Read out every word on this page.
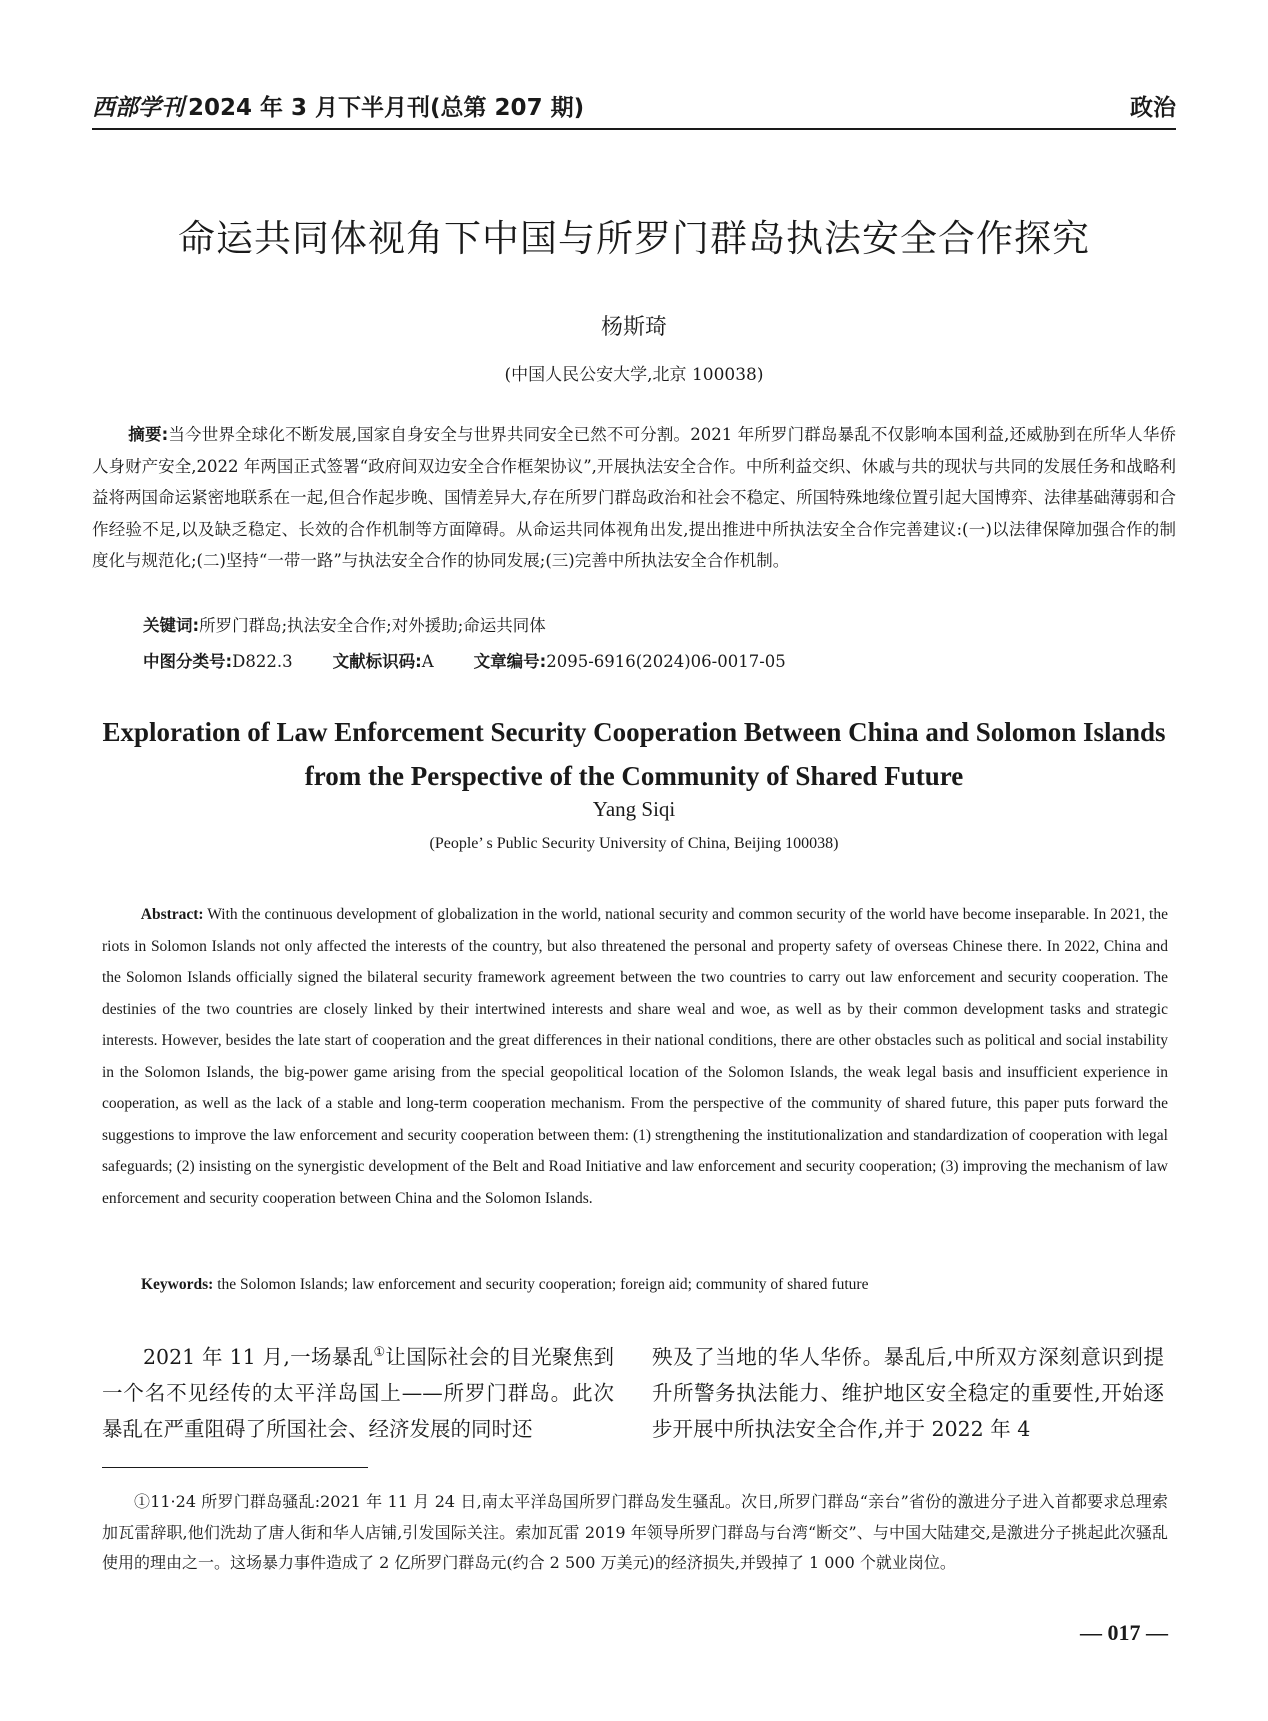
西部学刊 2024 年 3 月下半月刊(总第 207 期)	政治
命运共同体视角下中国与所罗门群岛执法安全合作探究
杨斯琦
(中国人民公安大学,北京 100038)
摘要:当今世界全球化不断发展,国家自身安全与世界共同安全已然不可分割。2021 年所罗门群岛暴乱不仅影响本国利益,还威胁到在所华人华侨人身财产安全,2022 年两国正式签署“政府间双边安全合作框架协议”,开展执法安全合作。中所利益交织、休戚与共的现状与共同的发展任务和战略利益将两国命运紧密地联系在一起,但合作起步晚、国情差异大,存在所罗门群岛政治和社会不稳定、所国特殊地缘位置引起大国博弈、法律基础薄弱和合作经验不足,以及缺乏稳定、长效的合作机制等方面障碍。从命运共同体视角出发,提出推进中所执法安全合作完善建议:(一)以法律保障加强合作的制度化与规范化;(二)坚持“一带一路”与执法安全合作的协同发展;(三)完善中所执法安全合作机制。
关键词:所罗门群岛;执法安全合作;对外援助;命运共同体
中图分类号:D822.3 文献标识码:A 文章编号:2095-6916(2024)06-0017-05
Exploration of Law Enforcement Security Cooperation Between China and Solomon Islands from the Perspective of the Community of Shared Future
Yang Siqi
(People’ s Public Security University of China, Beijing 100038)
Abstract: With the continuous development of globalization in the world, national security and common security of the world have become inseparable. In 2021, the riots in Solomon Islands not only affected the interests of the country, but also threatened the personal and property safety of overseas Chinese there. In 2022, China and the Solomon Islands officially signed the bilateral security framework agreement between the two countries to carry out law enforcement and security cooperation. The destinies of the two countries are closely linked by their intertwined interests and share weal and woe, as well as by their common development tasks and strategic interests. However, besides the late start of cooperation and the great differences in their national conditions, there are other obstacles such as political and social instability in the Solomon Islands, the big-power game arising from the special geopolitical location of the Solomon Islands, the weak legal basis and insufficient experience in cooperation, as well as the lack of a stable and long-term cooperation mechanism. From the perspective of the community of shared future, this paper puts forward the suggestions to improve the law enforcement and security cooperation between them: (1) strengthening the institutionalization and standardization of cooperation with legal safeguards; (2) insisting on the synergistic development of the Belt and Road Initiative and law enforcement and security cooperation; (3) improving the mechanism of law enforcement and security cooperation between China and the Solomon Islands.
Keywords: the Solomon Islands; law enforcement and security cooperation; foreign aid; community of shared future
2021 年 11 月,一场暴乱①让国际社会的目光聚焦到一个名不见经传的太平洋岛国上——所罗门群岛。此次暴乱在严重阻碍了所国社会、经济发展的同时还
殃及了当地的华人华侨。暴乱后,中所双方深刻意识到提升所警务执法能力、维护地区安全稳定的重要性,开始逐步开展中所执法安全合作,并于 2022 年 4
①11·24 所罗门群岛骚乱:2021 年 11 月 24 日,南太平洋岛国所罗门群岛发生骚乱。次日,所罗门群岛“亲台”省份的激进分子进入首都要求总理索加瓦雷辞职,他们洗劫了唐人街和华人店铺,引发国际关注。索加瓦雷 2019 年领导所罗门群岛与台湾“断交”、与中国大陆建交,是激进分子挑起此次骚乱使用的理由之一。这场暴力事件造成了 2 亿所罗门群岛元(约合 2 500 万美元)的经济损失,并毁掉了 1 000 个就业岗位。
— 017 —
